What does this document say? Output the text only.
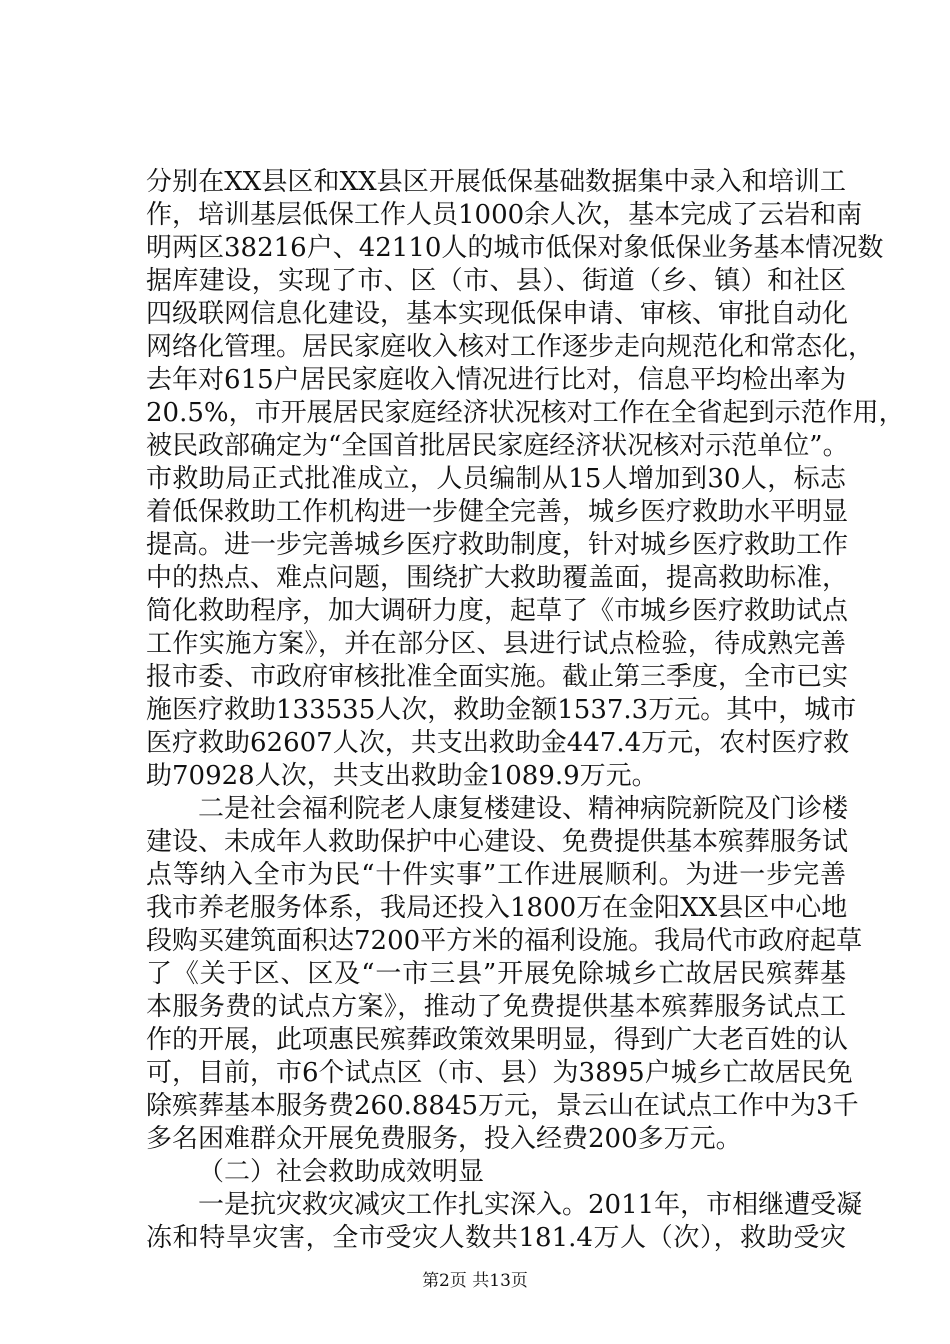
分别在XX县区和XX县区开展低保基础数据集中录入和培训工
作，培训基层低保工作人员1000余人次，基本完成了云岩和南
明两区38216户、42110人的城市低保对象低保业务基本情况数
据库建设，实现了市、区（市、县）、街道（乡、镇）和社区
四级联网信息化建设，基本实现低保申请、审核、审批自动化
网络化管理。居民家庭收入核对工作逐步走向规范化和常态化，
去年对615户居民家庭收入情况进行比对，信息平均检出率为
20.5%，市开展居民家庭经济状况核对工作在全省起到示范作用，
被民政部确定为“全国首批居民家庭经济状况核对示范单位”。
市救助局正式批准成立，人员编制从15人增加到30人，标志
着低保救助工作机构进一步健全完善，城乡医疗救助水平明显
提高。进一步完善城乡医疗救助制度，针对城乡医疗救助工作
中的热点、难点问题，围绕扩大救助覆盖面，提高救助标准，
简化救助程序，加大调研力度，起草了《市城乡医疗救助试点
工作实施方案》，并在部分区、县进行试点检验，待成熟完善
报市委、市政府审核批准全面实施。截止第三季度，全市已实
施医疗救助133535人次，救助金额1537.3万元。其中，城市
医疗救助62607人次，共支出救助金447.4万元，农村医疗救
助70928人次，共支出救助金1089.9万元。
二是社会福利院老人康复楼建设、精神病院新院及门诊楼
建设、未成年人救助保护中心建设、免费提供基本殡葬服务试
点等纳入全市为民“十件实事”工作进展顺利。为进一步完善
我市养老服务体系，我局还投入1800万在金阳XX县区中心地
段购买建筑面积达7200平方米的福利设施。我局代市政府起草
了《关于区、区及“一市三县”开展免除城乡亡故居民殡葬基
本服务费的试点方案》，推动了免费提供基本殡葬服务试点工
作的开展，此项惠民殡葬政策效果明显，得到广大老百姓的认
可，目前，市6个试点区（市、县）为3895户城乡亡故居民免
除殡葬基本服务费260.8845万元，景云山在试点工作中为3千
多名困难群众开展免费服务，投入经费200多万元。
（二）社会救助成效明显
一是抗灾救灾减灾工作扎实深入。2011年，市相继遭受凝
冻和特旱灾害，全市受灾人数共181.4万人（次），救助受灾
第2页 共13页
